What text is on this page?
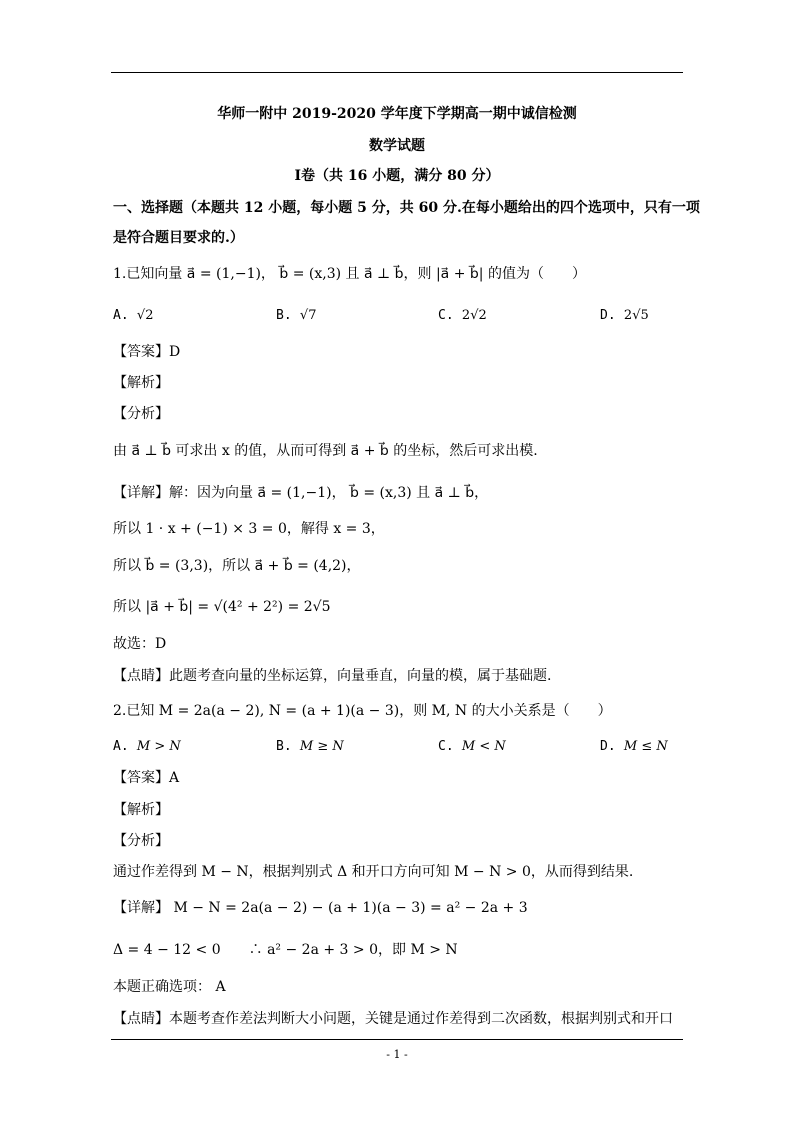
华师一附中 2019-2020 学年度下学期高一期中诚信检测
数学试题
Ⅰ卷（共 16 小题，满分 80 分）
一、选择题（本题共 12 小题，每小题 5 分，共 60 分.在每小题给出的四个选项中，只有一项
是符合题目要求的.）
1.已知向量 a⃗ = (1,−1)， b⃗ = (x,3) 且 a⃗ ⊥ b⃗，则 |a⃗ + b⃗| 的值为（　　）
A. √2	B. √7	C. 2√2	D. 2√5
【答案】D
【解析】
【分析】
由 a⃗ ⊥ b⃗ 可求出 x 的值，从而可得到 a⃗ + b⃗ 的坐标，然后可求出模.
【详解】解：因为向量 a⃗ = (1,−1)， b⃗ = (x,3) 且 a⃗ ⊥ b⃗，
所以 1 · x + (−1) × 3 = 0，解得 x = 3，
所以 b⃗ = (3,3)，所以 a⃗ + b⃗ = (4,2)，
所以 |a⃗ + b⃗| = √(4² + 2²) = 2√5
故选：D
【点睛】此题考查向量的坐标运算，向量垂直，向量的模，属于基础题.
2.已知 M = 2a(a − 2), N = (a + 1)(a − 3)，则 M, N 的大小关系是（　　）
A. M > N	B. M ≥ N	C. M < N	D. M ≤ N
【答案】A
【解析】
【分析】
通过作差得到 M − N，根据判别式 Δ 和开口方向可知 M − N > 0，从而得到结果.
【详解】 M − N = 2a(a − 2) − (a + 1)(a − 3) = a² − 2a + 3
Δ = 4 − 12 < 0　　∴ a² − 2a + 3 > 0，即 M > N
本题正确选项： A
【点睛】本题考查作差法判断大小问题，关键是通过作差得到二次函数，根据判别式和开口
- 1 -
